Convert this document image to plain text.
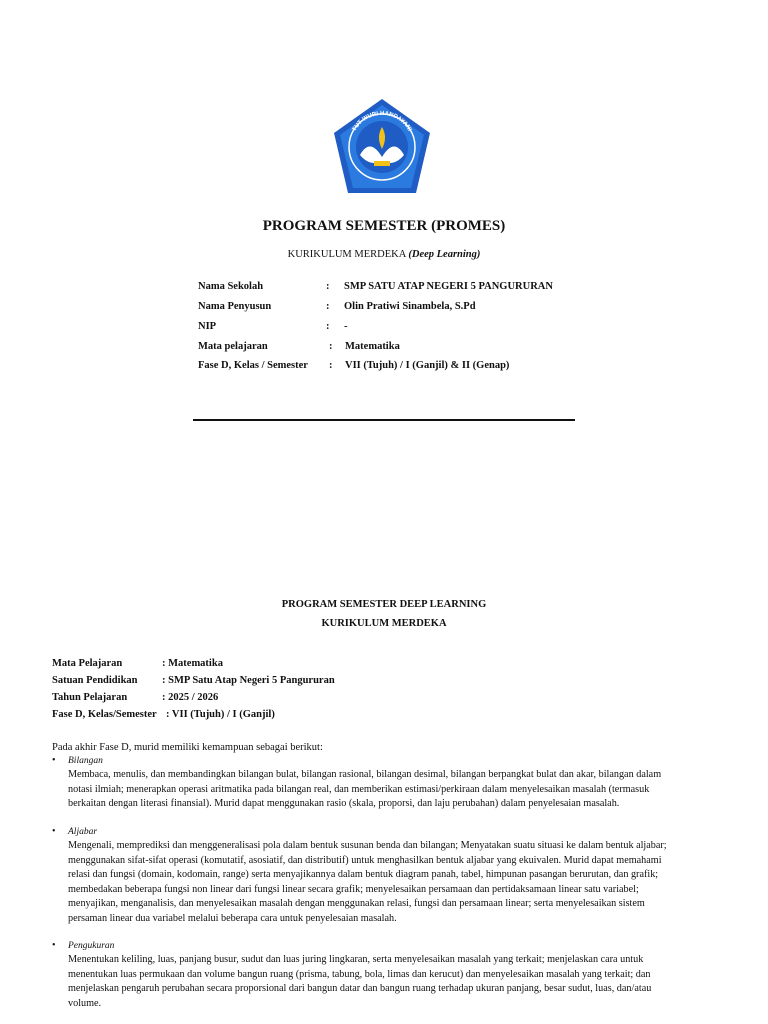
TUT WURI HANDAYANI
PROGRAM SEMESTER (PROMES)

KURIKULUM MERDEKA (Deep Learning)

Nama Sekolah	: SMP SATU ATAP NEGERI 5 PANGURURAN
Nama Penyusun	: Olin Pratiwi Sinambela, S.Pd
NIP	: -
Mata pelajaran	: Matematika
Fase D, Kelas / Semester : VII (Tujuh) / I (Ganjil) & II (Genap)
PROGRAM SEMESTER DEEP LEARNING
KURIKULUM MERDEKA
Mata Pelajaran	: Matematika
Satuan Pendidikan : SMP Satu Atap Negeri 5 Pangururan
Tahun Pelajaran	: 2025 / 2026
Fase D, Kelas/Semester : VII (Tujuh) / I (Ganjil)

Pada akhir Fase D, murid memiliki kemampuan sebagai berikut:

• Bilangan
Membaca, menulis, dan membandingkan bilangan bulat, bilangan rasional, bilangan desimal, bilangan berpangkat bulat dan akar, bilangan dalam
notasi ilmiah; menerapkan operasi aritmatika pada bilangan real, dan memberikan estimasi/perkiraan dalam menyelesaikan masalah (termasuk
berkaitan dengan literasi finansial). Murid dapat menggunakan rasio (skala, proporsi, dan laju perubahan) dalam penyelesaian masalah.
• Aljabar
Mengenali, memprediksi dan menggeneralisasi pola dalam bentuk susunan benda dan bilangan; Menyatakan suatu situasi ke dalam bentuk aljabar;
menggunakan sifat-sifat operasi (komutatif, asosiatif, dan distributif) untuk menghasilkan bentuk aljabar yang ekuivalen. Murid dapat memahami
relasi dan fungsi (domain, kodomain, range) serta menyajikannya dalam bentuk diagram panah, tabel, himpunan pasangan berurutan, dan grafik;
membedakan beberapa fungsi non linear dari fungsi linear secara grafik; menyelesaikan persamaan dan pertidaksamaan linear satu variabel;
menyajikan, menganalisis, dan menyelesaikan masalah dengan menggunakan relasi, fungsi dan persamaan linear; serta menyelesaikan sistem
persaman linear dua variabel melalui beberapa cara untuk penyelesaian masalah.
• Pengukuran
Menentukan keliling, luas, panjang busur, sudut dan luas juring lingkaran, serta menyelesaikan masalah yang terkait; menjelaskan cara untuk
menentukan luas permukaan dan volume bangun ruang (prisma, tabung, bola, limas dan kerucut) dan menyelesaikan masalah yang terkait; dan
menjelaskan pengaruh perubahan secara proporsional dari bangun datar dan bangun ruang terhadap ukuran panjang, besar sudut, luas, dan/atau
volume.
